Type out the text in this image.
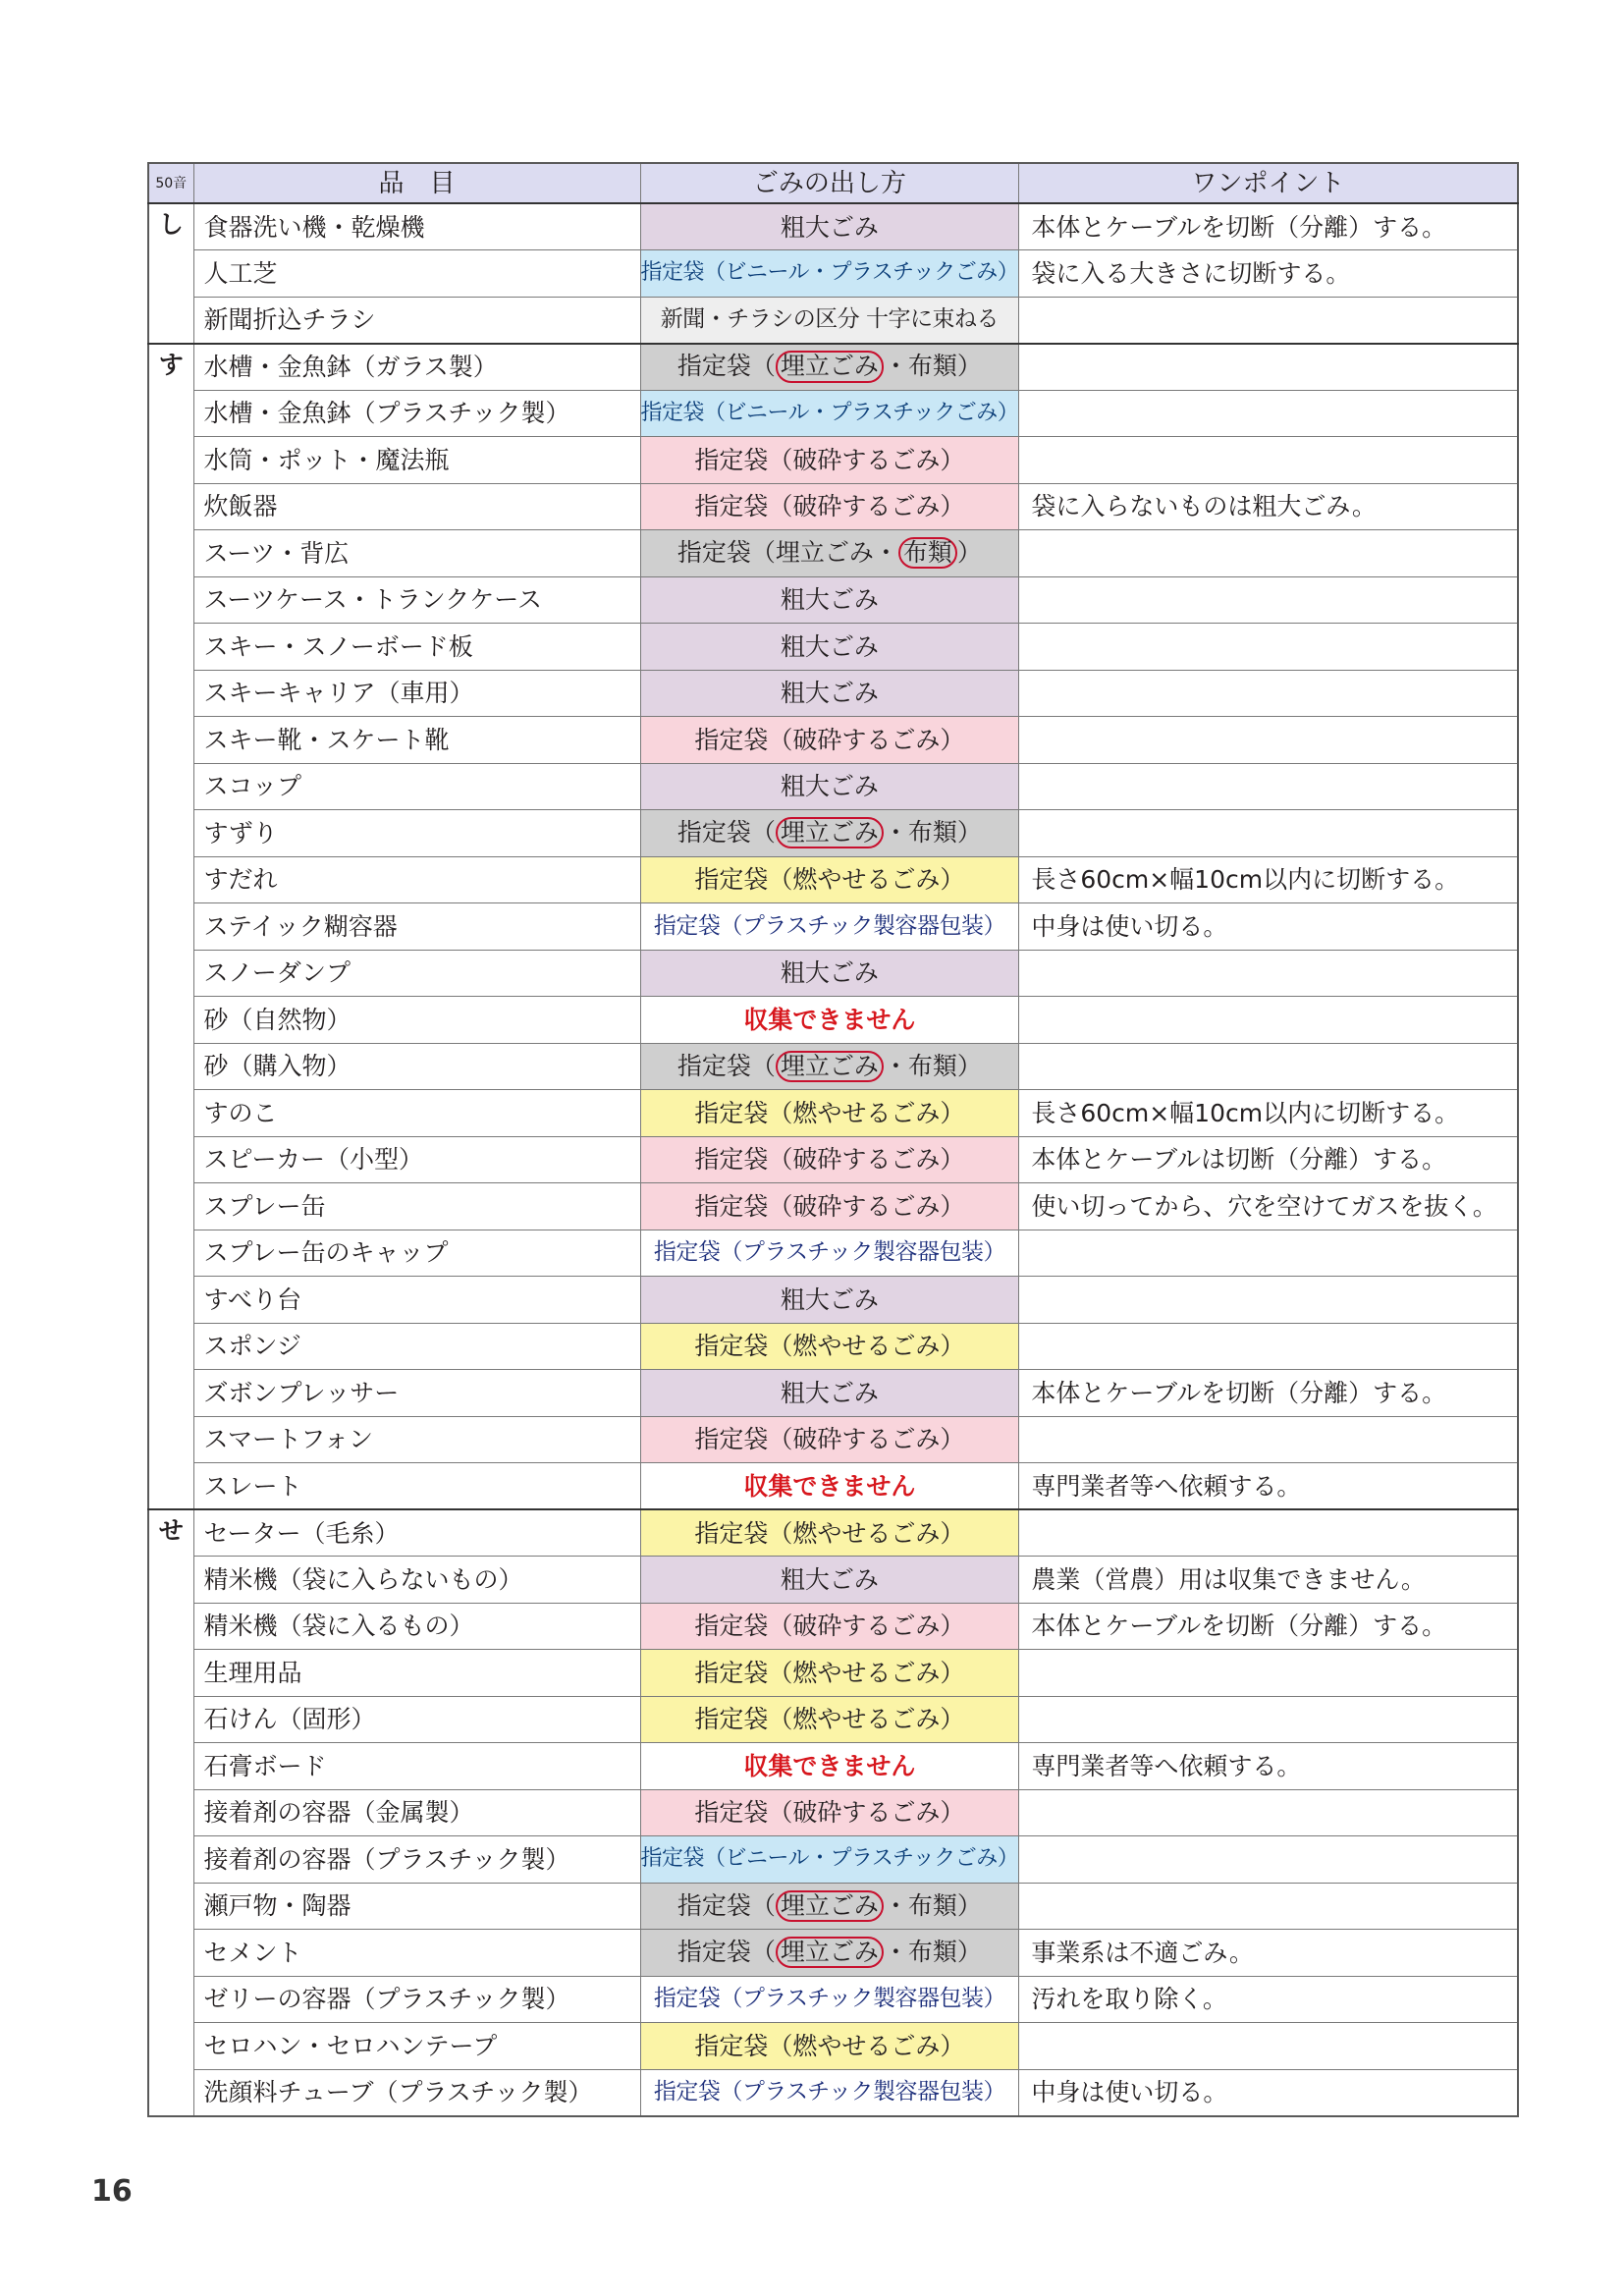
50音	品　目	ごみの出し方	ワンポイント
し	食器洗い機・乾燥機	粗大ごみ	本体とケーブルを切断（分離）する。
	人工芝	指定袋（ビニール・プラスチックごみ）	袋に入る大きさに切断する。
	新聞折込チラシ	新聞・チラシの区分 十字に束ねる	
す	水槽・金魚鉢（ガラス製）	指定袋（ 埋立ごみ ・布類）	
	水槽・金魚鉢（プラスチック製）	指定袋（ビニール・プラスチックごみ）	
	水筒・ポット・魔法瓶	指定袋（破砕するごみ）	
	炊飯器	指定袋（破砕するごみ）	袋に入らないものは粗大ごみ。
	スーツ・背広	指定袋（埋立ごみ・ 布類 ）	
	スーツケース・トランクケース	粗大ごみ	
	スキー・スノーボード板	粗大ごみ	
	スキーキャリア（車用）	粗大ごみ	
	スキー靴・スケート靴	指定袋（破砕するごみ）	
	スコップ	粗大ごみ	
	すずり	指定袋（ 埋立ごみ ・布類）	
	すだれ	指定袋（燃やせるごみ）	長さ60cm×幅10cm以内に切断する。
	ステイック糊容器	指定袋（プラスチック製容器包装）	中身は使い切る。
	スノーダンプ	粗大ごみ	
	砂（自然物）	収集できません	
	砂（購入物）	指定袋（ 埋立ごみ ・布類）	
	すのこ	指定袋（燃やせるごみ）	長さ60cm×幅10cm以内に切断する。
	スピーカー（小型）	指定袋（破砕するごみ）	本体とケーブルは切断（分離）する。
	スプレー缶	指定袋（破砕するごみ）	使い切ってから、穴を空けてガスを抜く。
	スプレー缶のキャップ	指定袋（プラスチック製容器包装）	
	すべり台	粗大ごみ	
	スポンジ	指定袋（燃やせるごみ）	
	ズボンプレッサー	粗大ごみ	本体とケーブルを切断（分離）する。
	スマートフォン	指定袋（破砕するごみ）	
	スレート	収集できません	専門業者等へ依頼する。
せ	セーター（毛糸）	指定袋（燃やせるごみ）	
	精米機（袋に入らないもの）	粗大ごみ	農業（営農）用は収集できません。
	精米機（袋に入るもの）	指定袋（破砕するごみ）	本体とケーブルを切断（分離）する。
	生理用品	指定袋（燃やせるごみ）	
	石けん（固形）	指定袋（燃やせるごみ）	
	石膏ボード	収集できません	専門業者等へ依頼する。
	接着剤の容器（金属製）	指定袋（破砕するごみ）	
	接着剤の容器（プラスチック製）	指定袋（ビニール・プラスチックごみ）	
	瀬戸物・陶器	指定袋（ 埋立ごみ ・布類）	
	セメント	指定袋（ 埋立ごみ ・布類）	事業系は不適ごみ。
	ゼリーの容器（プラスチック製）	指定袋（プラスチック製容器包装）	汚れを取り除く。
	セロハン・セロハンテープ	指定袋（燃やせるごみ）	
	洗顔料チューブ（プラスチック製）	指定袋（プラスチック製容器包装）	中身は使い切る。
16
